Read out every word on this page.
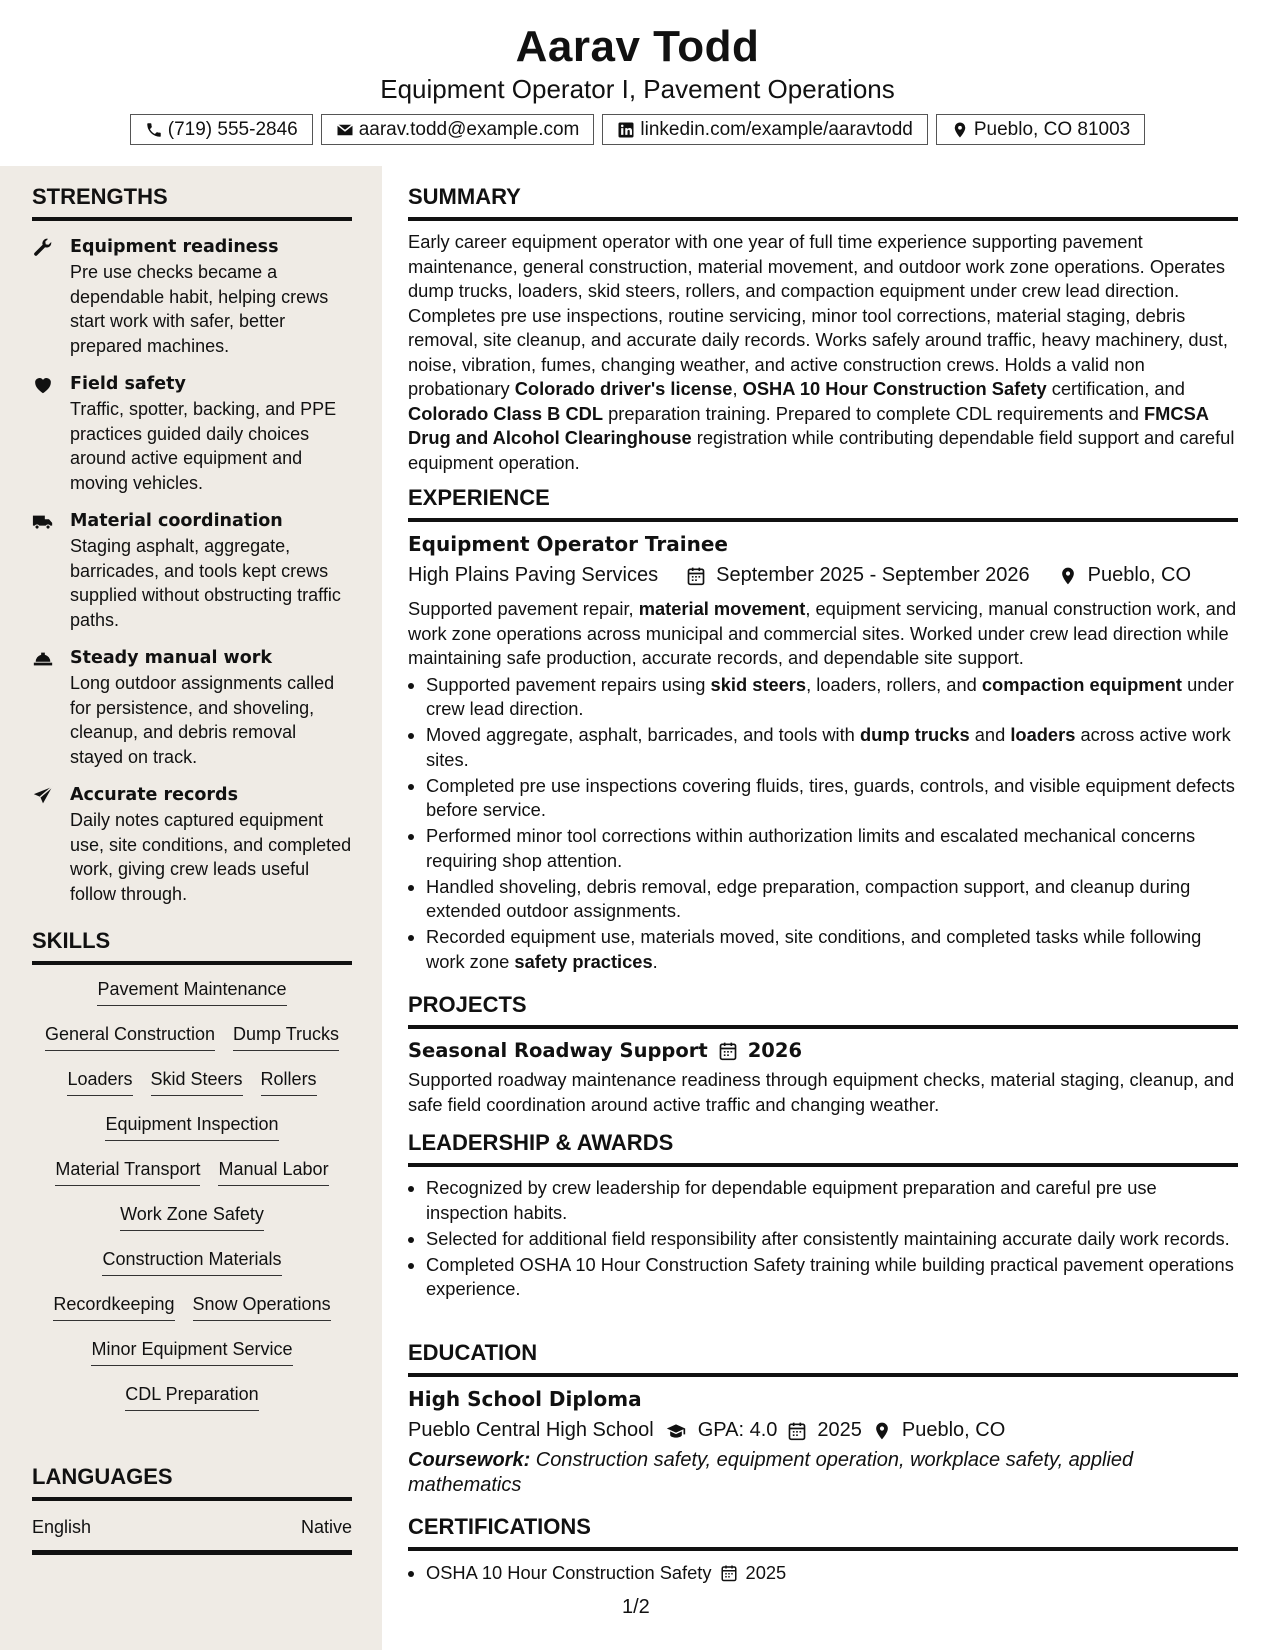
Aarav Todd
Equipment Operator I, Pavement Operations
(719) 555-2846	aarav.todd@example.com	linkedin.com/example/aaravtodd	Pueblo, CO 81003
STRENGTHS
Equipment readiness
Pre use checks became a dependable habit, helping crews start work with safer, better prepared machines.
Field safety
Traffic, spotter, backing, and PPE practices guided daily choices around active equipment and moving vehicles.
Material coordination
Staging asphalt, aggregate, barricades, and tools kept crews supplied without obstructing traffic paths.
Steady manual work
Long outdoor assignments called for persistence, and shoveling, cleanup, and debris removal stayed on track.
Accurate records
Daily notes captured equipment use, site conditions, and completed work, giving crew leads useful follow through.
SKILLS
Pavement Maintenance
General Construction Dump Trucks
Loaders Skid Steers Rollers
Equipment Inspection
Material Transport Manual Labor
Work Zone Safety
Construction Materials
Recordkeeping Snow Operations
Minor Equipment Service
CDL Preparation
LANGUAGES
English	Native
SUMMARY

Early career equipment operator with one year of full time experience supporting pavement maintenance, general construction, material movement, and outdoor work zone operations. Operates dump trucks, loaders, skid steers, rollers, and compaction equipment under crew lead direction. Completes pre use inspections, routine servicing, minor tool corrections, material staging, debris removal, site cleanup, and accurate daily records. Works safely around traffic, heavy machinery, dust, noise, vibration, fumes, changing weather, and active construction crews. Holds a valid non probationary Colorado driver's license, OSHA 10 Hour Construction Safety certification, and Colorado Class B CDL preparation training. Prepared to complete CDL requirements and FMCSA Drug and Alcohol Clearinghouse registration while contributing dependable field support and careful equipment operation.

EXPERIENCE
Equipment Operator Trainee
High Plains Paving Services	September 2025 - September 2026	Pueblo, CO

Supported pavement repair, material movement, equipment servicing, manual construction work, and work zone operations across municipal and commercial sites. Worked under crew lead direction while maintaining safe production, accurate records, and dependable site support.

• Supported pavement repairs using skid steers, loaders, rollers, and compaction equipment under crew lead direction.
• Moved aggregate, asphalt, barricades, and tools with dump trucks and loaders across active work sites.
• Completed pre use inspections covering fluids, tires, guards, controls, and visible equipment defects before service.
• Performed minor tool corrections within authorization limits and escalated mechanical concerns requiring shop attention.
• Handled shoveling, debris removal, edge preparation, compaction support, and cleanup during extended outdoor assignments.
• Recorded equipment use, materials moved, site conditions, and completed tasks while following work zone safety practices.
PROJECTS
Seasonal Roadway Support 2026

Supported roadway maintenance readiness through equipment checks, material staging, cleanup, and safe field coordination around active traffic and changing weather.

LEADERSHIP & AWARDS
• Recognized by crew leadership for dependable equipment preparation and careful pre use inspection habits.
• Selected for additional field responsibility after consistently maintaining accurate daily work records.
• Completed OSHA 10 Hour Construction Safety training while building practical pavement operations experience.
EDUCATION
High School Diploma
Pueblo Central High School GPA: 4.0 2025 Pueblo, CO

Coursework: Construction safety, equipment operation, workplace safety, applied mathematics

CERTIFICATIONS
• OSHA 10 Hour Construction Safety 2025
1/2
